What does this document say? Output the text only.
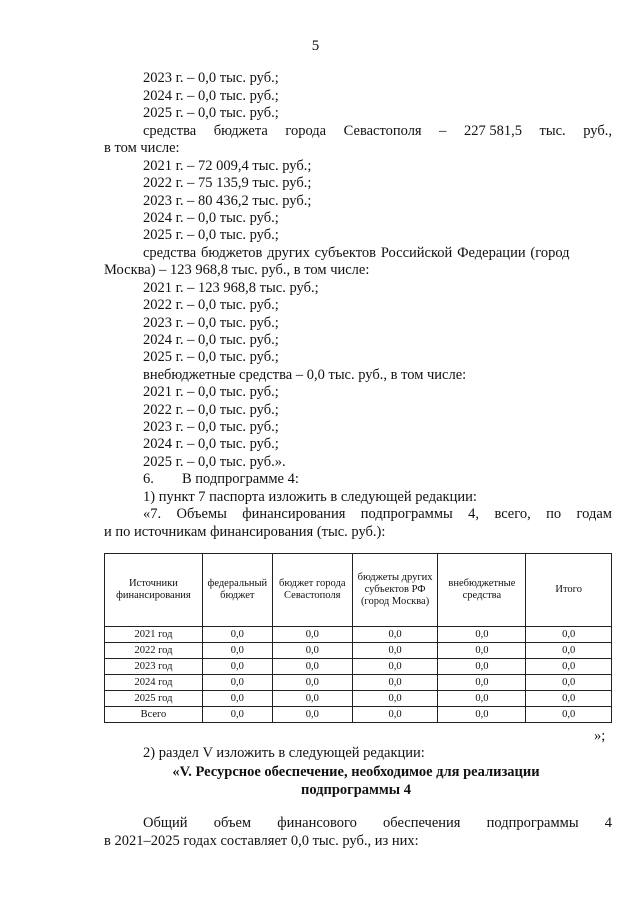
5
2023 г. – 0,0 тыс. руб.;
2024 г. – 0,0 тыс. руб.;
2025 г. – 0,0 тыс. руб.;
средства бюджета города Севастополя – 227 581,5 тыс. руб.,
в том числе:
2021 г. – 72 009,4 тыс. руб.;
2022 г. – 75 135,9 тыс. руб.;
2023 г. – 80 436,2 тыс. руб.;
2024 г. – 0,0 тыс. руб.;
2025 г. – 0,0 тыс. руб.;
средства бюджетов других субъектов Российской Федерации (город
Москва) – 123 968,8 тыс. руб., в том числе:
2021 г. – 123 968,8 тыс. руб.;
2022 г. – 0,0 тыс. руб.;
2023 г. – 0,0 тыс. руб.;
2024 г. – 0,0 тыс. руб.;
2025 г. – 0,0 тыс. руб.;
внебюджетные средства – 0,0 тыс. руб., в том числе:
2021 г. – 0,0 тыс. руб.;
2022 г. – 0,0 тыс. руб.;
2023 г. – 0,0 тыс. руб.;
2024 г. – 0,0 тыс. руб.;
2025 г. – 0,0 тыс. руб.».
6. В подпрограмме 4:
1) пункт 7 паспорта изложить в следующей редакции:
«7. Объемы финансирования подпрограммы 4, всего, по годам
и по источникам финансирования (тыс. руб.):
Источники финансирования	федеральный бюджет	бюджет города Севастополя	бюджеты других субъектов РФ (город Москва)	внебюджетные средства	Итого
2021 год	0,0	0,0	0,0	0,0	0,0
2022 год	0,0	0,0	0,0	0,0	0,0
2023 год	0,0	0,0	0,0	0,0	0,0
2024 год	0,0	0,0	0,0	0,0	0,0
2025 год	0,0	0,0	0,0	0,0	0,0
Всего	0,0	0,0	0,0	0,0	0,0
»;
2) раздел V изложить в следующей редакции:
«V. Ресурсное обеспечение, необходимое для реализации
подпрограммы 4
Общий объем финансового обеспечения подпрограммы 4
в 2021–2025 годах составляет 0,0 тыс. руб., из них:
